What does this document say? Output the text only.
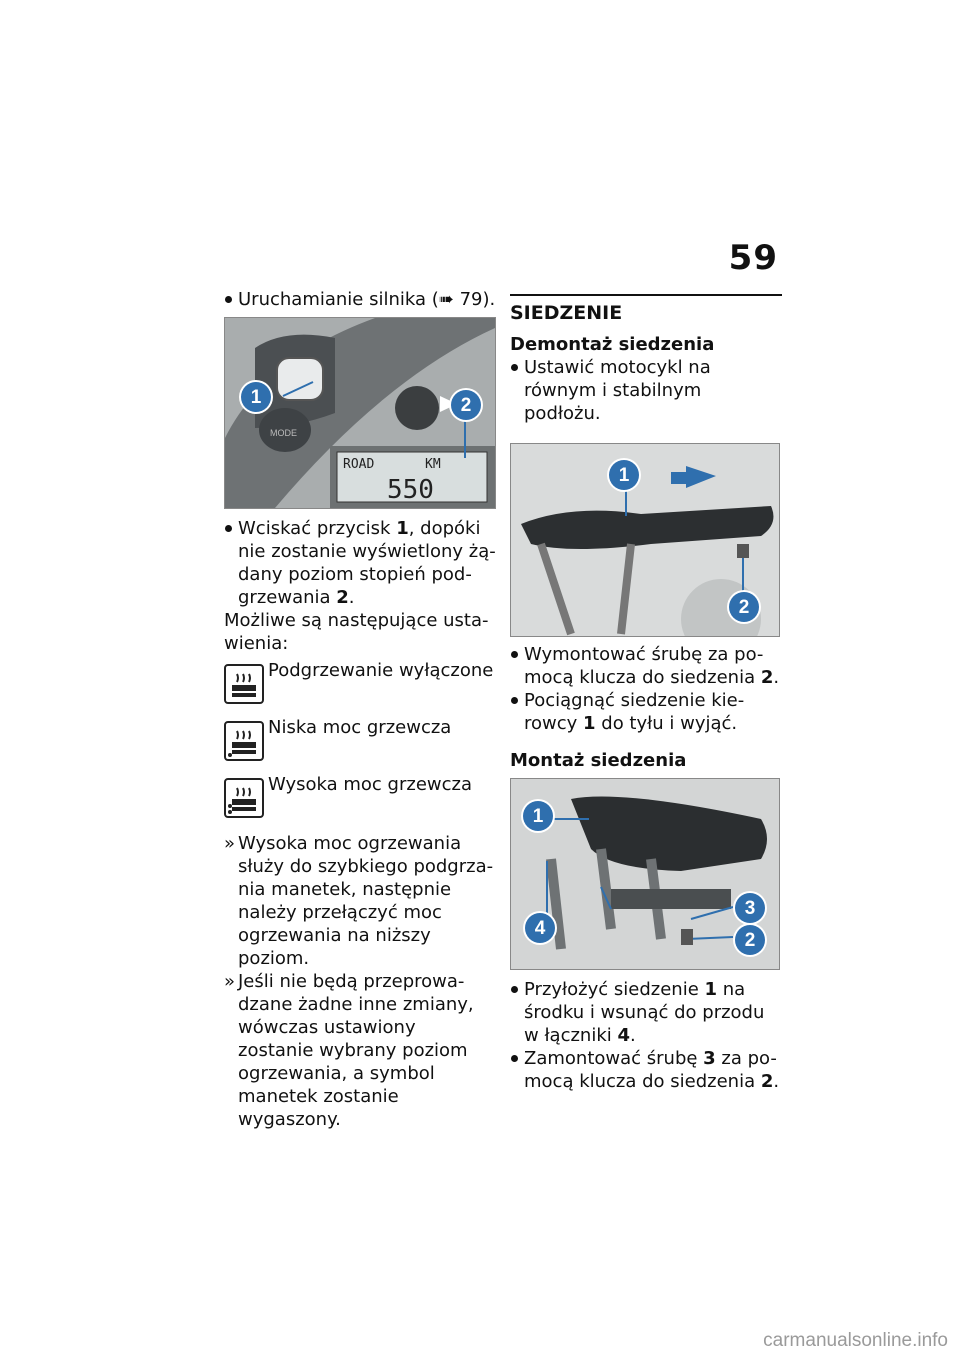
59
Uruchamianie silnika (➠ 79).
MODE
ROAD	KM
550
1	2
Wciskać przycisk 1, dopóki nie zostanie wyświetlony żą-dany poziom stopień pod-grzewania 2.

Możliwe są następujące usta-wienia:

Podgrzewanie wyłączone
Niska moc grzewcza
Wysoka moc grzewcza
» Wysoka moc ogrzewania służy do szybkiego podgrza-nia manetek, następnie należy przełączyć moc ogrzewania na niższy poziom.
» Jeśli nie będą przeprowa-dzane żadne inne zmiany, wówczas ustawiony zostanie wybrany poziom ogrzewania, a symbol manetek zostanie wygaszony.
SIEDZENIE
Demontaż siedzenia
Ustawić motocykl na równym i stabilnym podłożu.
1
2
Wymontować śrubę za po-mocą klucza do siedzenia 2.
Pociągnąć siedzenie kie-rowcy 1 do tyłu i wyjąć.
Montaż siedzenia
1
3
2
4
Przyłożyć siedzenie 1 na środku i wsunąć do przodu w łączniki 4.
Zamontować śrubę 3 za po-mocą klucza do siedzenia 2.
carmanualsonline.info
